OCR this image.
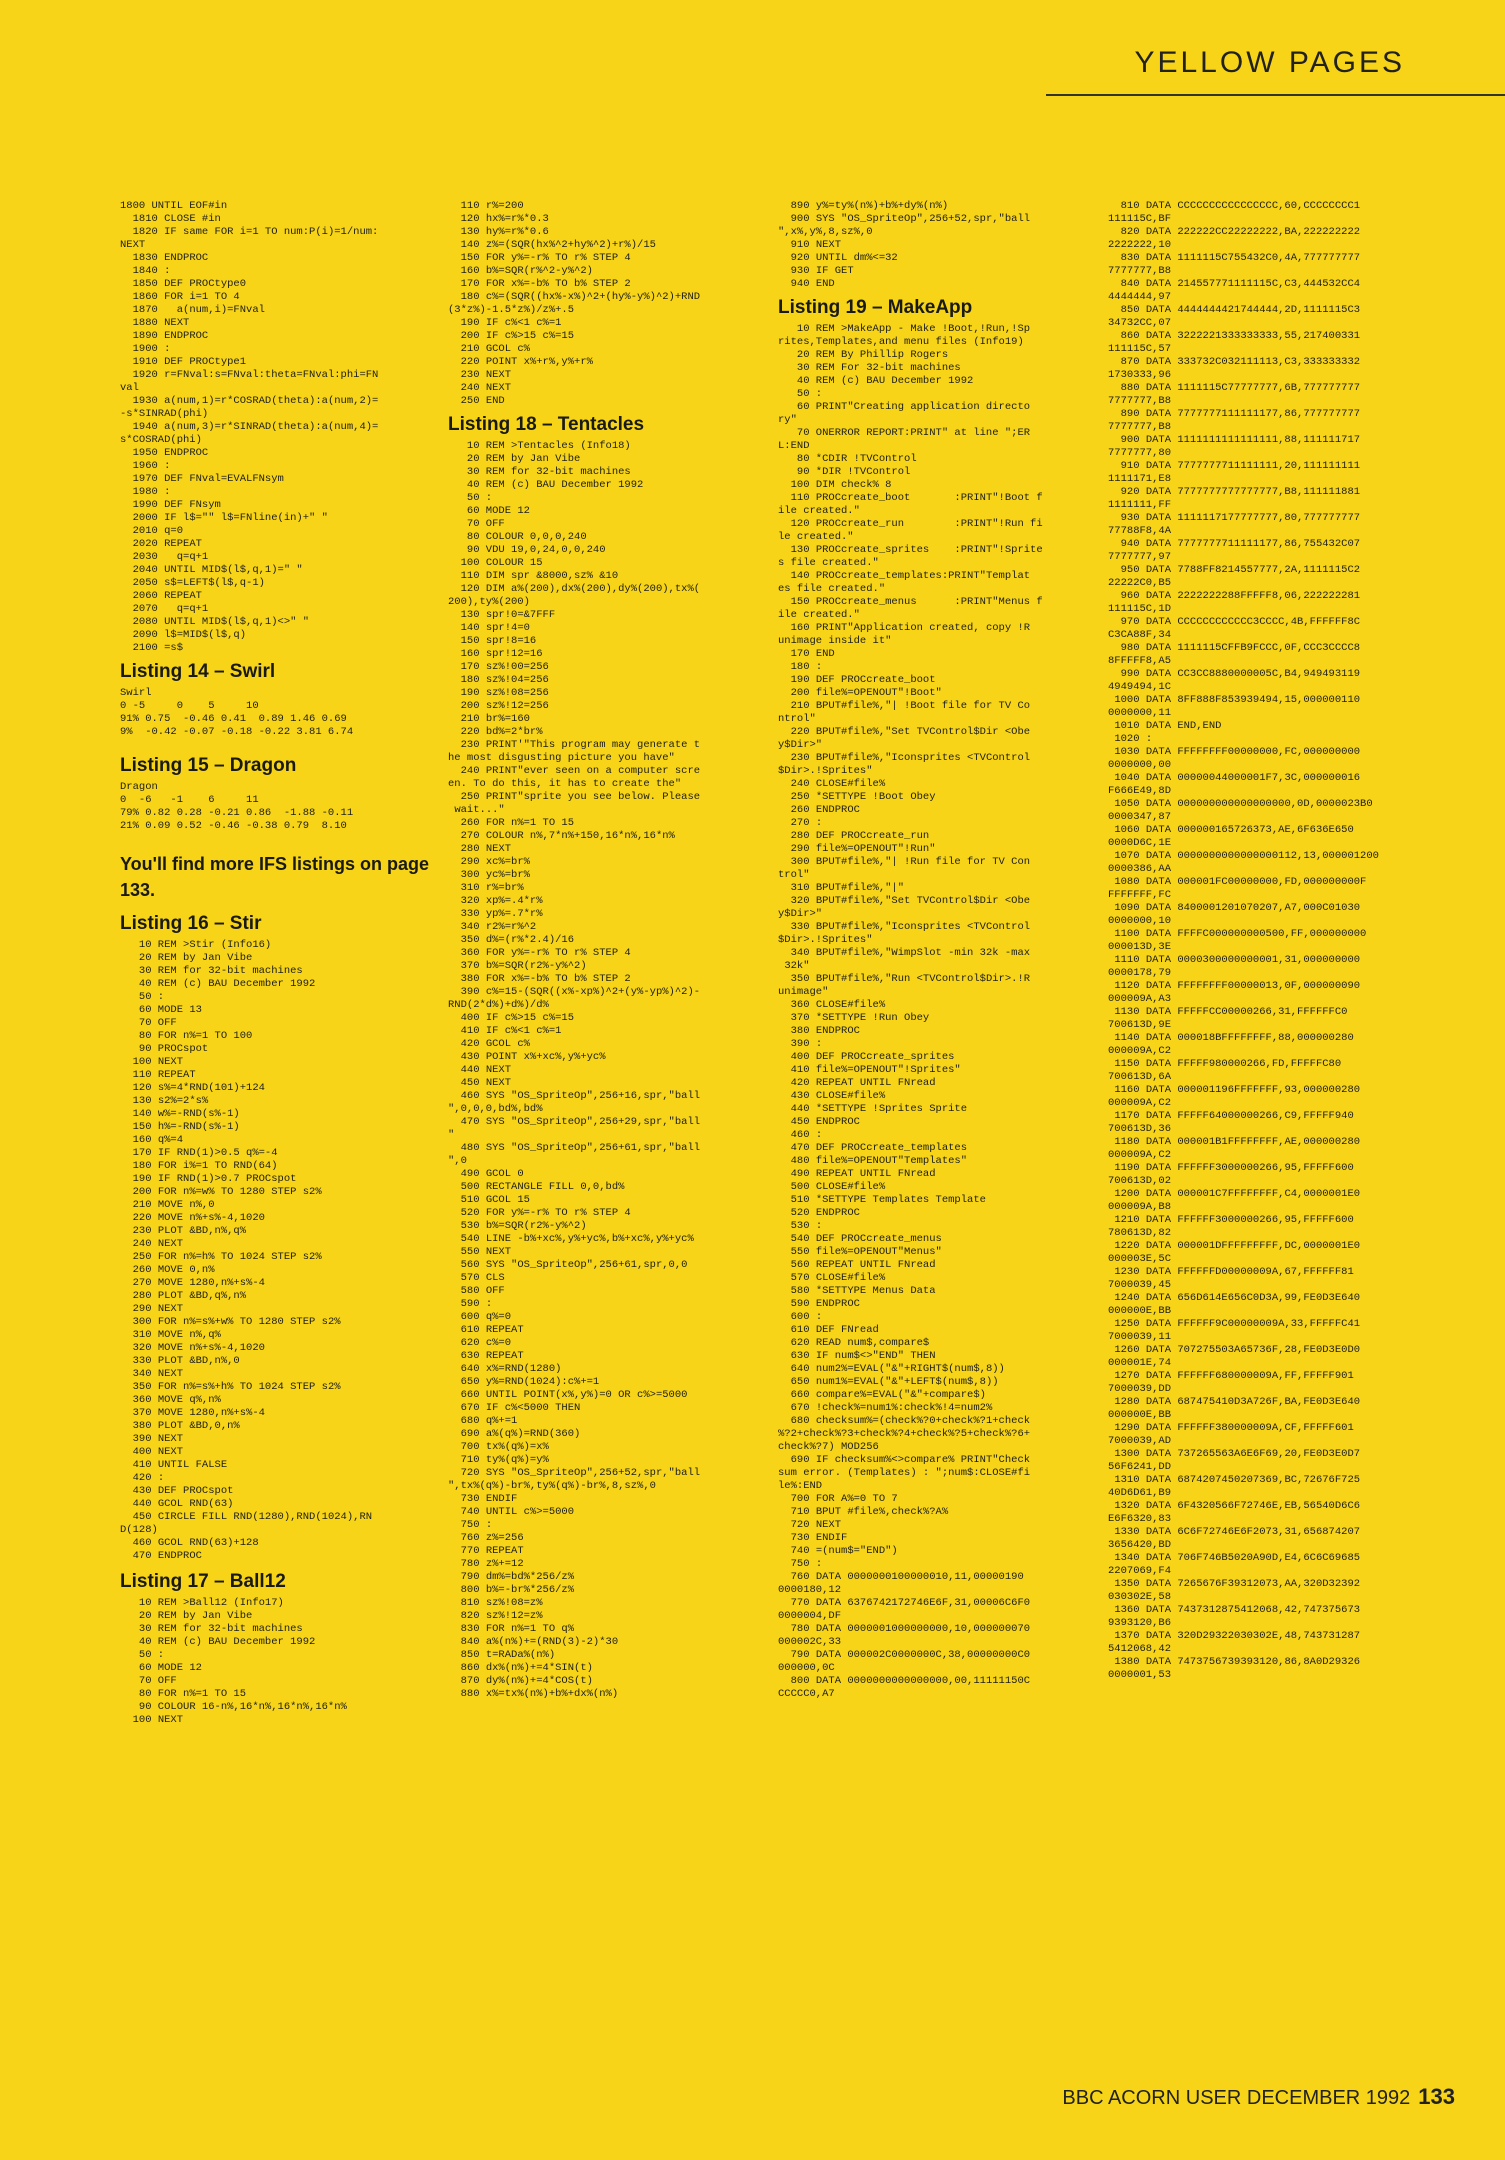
YELLOW PAGES
1800 UNTIL EOF#in
1810 CLOSE #in
1820 IF same FOR i=1 TO num:P(i)=1/num:
NEXT
1830 ENDPROC
1840 :
1850 DEF PROCtype0
1860 FOR i=1 TO 4
1870   a(num,i)=FNval
1880 NEXT
1890 ENDPROC
1900 :
1910 DEF PROCtype1
1920 r=FNval:s=FNval:theta=FNval:phi=FN
val
1930 a(num,1)=r*COSRAD(theta):a(num,2)=
-s*SINRAD(phi)
1940 a(num,3)=r*SINRAD(theta):a(num,4)=
s*COSRAD(phi)
1950 ENDPROC
1960 :
1970 DEF FNval=EVALFNsym
1980 :
1990 DEF FNsym
2000 IF l$="" l$=FNline(in)+" "
2010 q=0
2020 REPEAT
2030   q=q+1
2040 UNTIL MID$(l$,q,1)=" "
2050 s$=LEFT$(l$,q-1)
2060 REPEAT
2070   q=q+1
2080 UNTIL MID$(l$,q,1)<>" "
2090 l$=MID$(l$,q)
2100 =s$
Listing 14 – Swirl
Swirl
0 -5     0    5     10
91% 0.75  -0.46 0.41  0.89 1.46 0.69
9%  -0.42 -0.07 -0.18 -0.22 3.81 6.74
Listing 15 – Dragon
Dragon
0  -6   -1    6     11
79% 0.82 0.28 -0.21 0.86  -1.88 -0.11
21% 0.09 0.52 -0.46 -0.38 0.79  8.10
You'll find more IFS listings on page 133.
Listing 16 – Stir
10 REM >Stir (Info16)
20 REM by Jan Vibe
30 REM for 32-bit machines
40 REM (c) BAU December 1992
50 :
60 MODE 13
70 OFF
80 FOR n%=1 TO 100
90 PROCspot
100 NEXT
110 REPEAT
120 s%=4*RND(101)+124
130 s2%=2*s%
140 w%=-RND(s%-1)
150 h%=-RND(s%-1)
160 q%=4
170 IF RND(1)>0.5 q%=-4
180 FOR i%=1 TO RND(64)
190 IF RND(1)>0.7 PROCspot
200 FOR n%=w% TO 1280 STEP s2%
210 MOVE n%,0
220 MOVE n%+s%-4,1020
230 PLOT &BD,n%,q%
240 NEXT
250 FOR n%=h% TO 1024 STEP s2%
260 MOVE 0,n%
270 MOVE 1280,n%+s%-4
280 PLOT &BD,q%,n%
290 NEXT
300 FOR n%=s%+w% TO 1280 STEP s2%
310 MOVE n%,q%
320 MOVE n%+s%-4,1020
330 PLOT &BD,n%,0
340 NEXT
350 FOR n%=s%+h% TO 1024 STEP s2%
360 MOVE q%,n%
370 MOVE 1280,n%+s%-4
380 PLOT &BD,0,n%
390 NEXT
400 NEXT
410 UNTIL FALSE
420 :
430 DEF PROCspot
440 GCOL RND(63)
450 CIRCLE FILL RND(1280),RND(1024),RN
D(128)
460 GCOL RND(63)+128
470 ENDPROC
Listing 17 – Ball12
10 REM >Ball12 (Info17)
20 REM by Jan Vibe
30 REM for 32-bit machines
40 REM (c) BAU December 1992
50 :
60 MODE 12
70 OFF
80 FOR n%=1 TO 15
90 COLOUR 16-n%,16*n%,16*n%,16*n%
100 NEXT
110 r%=200
120 hx%=r%*0.3
130 hy%=r%*0.6
140 z%=(SQR(hx%^2+hy%^2)+r%)/15
150 FOR y%=-r% TO r% STEP 4
160 b%=SQR(r%^2-y%^2)
170 FOR x%=-b% TO b% STEP 2
180 c%=(SQR((hx%-x%)^2+(hy%-y%)^2)+RND
(3*z%)-1.5*z%)/z%+.5
190 IF c%<1 c%=1
200 IF c%>15 c%=15
210 GCOL c%
220 POINT x%+r%,y%+r%
230 NEXT
240 NEXT
250 END
Listing 18 – Tentacles
10 REM >Tentacles (Info18)
20 REM by Jan Vibe
30 REM for 32-bit machines
40 REM (c) BAU December 1992
50 :
60 MODE 12
70 OFF
80 COLOUR 0,0,0,240
90 VDU 19,0,24,0,0,240
100 COLOUR 15
110 DIM spr &8000,sz% &10
120 DIM a%(200),dx%(200),dy%(200),tx%(
200),ty%(200)
130 spr!0=&7FFF
140 spr!4=0
150 spr!8=16
160 spr!12=16
170 sz%!00=256
180 sz%!04=256
190 sz%!08=256
200 sz%!12=256
210 br%=160
220 bd%=2*br%
230 PRINT'"This program may generate t
he most disgusting picture you have"
240 PRINT"ever seen on a computer scre
en. To do this, it has to create the"
250 PRINT"sprite you see below. Please
wait..."
260 FOR n%=1 TO 15
270 COLOUR n%,7*n%+150,16*n%,16*n%
280 NEXT
290 xc%=br%
300 yc%=br%
310 r%=br%
320 xp%=.4*r%
330 yp%=.7*r%
340 r2%=r%^2
350 d%=(r%*2.4)/16
360 FOR y%=-r% TO r% STEP 4
370 b%=SQR(r2%-y%^2)
380 FOR x%=-b% TO b% STEP 2
390 c%=15-(SQR((x%-xp%)^2+(y%-yp%)^2)-
RND(2*d%)+d%)/d%
400 IF c%>15 c%=15
410 IF c%<1 c%=1
420 GCOL c%
430 POINT x%+xc%,y%+yc%
440 NEXT
450 NEXT
460 SYS "OS_SpriteOp",256+16,spr,"ball
",0,0,0,bd%,bd%
470 SYS "OS_SpriteOp",256+29,spr,"ball
"
480 SYS "OS_SpriteOp",256+61,spr,"ball
",0
490 GCOL 0
500 RECTANGLE FILL 0,0,bd%
510 GCOL 15
520 FOR y%=-r% TO r% STEP 4
530 b%=SQR(r2%-y%^2)
540 LINE -b%+xc%,y%+yc%,b%+xc%,y%+yc%
550 NEXT
560 SYS "OS_SpriteOp",256+61,spr,0,0
570 CLS
580 OFF
590 :
600 q%=0
610 REPEAT
620 c%=0
630 REPEAT
640 x%=RND(1280)
650 y%=RND(1024):c%+=1
660 UNTIL POINT(x%,y%)=0 OR c%>=5000
670 IF c%<5000 THEN
680 q%+=1
690 a%(q%)=RND(360)
700 tx%(q%)=x%
710 ty%(q%)=y%
720 SYS "OS_SpriteOp",256+52,spr,"ball
",tx%(q%)-br%,ty%(q%)-br%,8,sz%,0
730 ENDIF
740 UNTIL c%>=5000
750 :
760 z%=256
770 REPEAT
780 z%+=12
790 dm%=bd%*256/z%
800 b%=-br%*256/z%
810 sz%!08=z%
820 sz%!12=z%
830 FOR n%=1 TO q%
840 a%(n%)+=(RND(3)-2)*30
850 t=RADa%(n%)
860 dx%(n%)+=4*SIN(t)
870 dy%(n%)+=4*COS(t)
880 x%=tx%(n%)+b%+dx%(n%)
890 y%=ty%(n%)+b%+dy%(n%)
900 SYS "OS_SpriteOp",256+52,spr,"ball
",x%,y%,8,sz%,0
910 NEXT
920 UNTIL dm%<=32
930 IF GET
940 END
Listing 19 – MakeApp
10 REM >MakeApp - Make !Boot,!Run,!Sp
rites,Templates,and menu files (Info19)
20 REM By Phillip Rogers
30 REM For 32-bit machines
40 REM (c) BAU December 1992
50 :
60 PRINT"Creating application directo
ry"
70 ONERROR REPORT:PRINT" at line ";ER
L:END
80 *CDIR !TVControl
90 *DIR !TVControl
100 DIM check% 8
110 PROCcreate_boot       :PRINT"!Boot f
ile created."
120 PROCcreate_run        :PRINT"!Run fi
le created."
130 PROCcreate_sprites    :PRINT"!Sprite
s file created."
140 PROCcreate_templates:PRINT"Templat
es file created."
150 PROCcreate_menus      :PRINT"Menus f
ile created."
160 PRINT"Application created, copy !R
unimage inside it"
170 END
180 :
190 DEF PROCcreate_boot
200 file%=OPENOUT"!Boot"
210 BPUT#file%,"| !Boot file for TV Co
ntrol"
220 BPUT#file%,"Set TVControl$Dir <Obe
y$Dir>"
230 BPUT#file%,"Iconsprites <TVControl
$Dir>.!Sprites"
240 CLOSE#file%
250 *SETTYPE !Boot Obey
260 ENDPROC
270 :
280 DEF PROCcreate_run
290 file%=OPENOUT"!Run"
300 BPUT#file%,"| !Run file for TV Con
trol"
310 BPUT#file%,"|"
320 BPUT#file%,"Set TVControl$Dir <Obe
y$Dir>"
330 BPUT#file%,"Iconsprites <TVControl
$Dir>.!Sprites"
340 BPUT#file%,"WimpSlot -min 32k -max
32k"
350 BPUT#file%,"Run <TVControl$Dir>.!R
unimage"
360 CLOSE#file%
370 *SETTYPE !Run Obey
380 ENDPROC
390 :
400 DEF PROCcreate_sprites
410 file%=OPENOUT"!Sprites"
420 REPEAT UNTIL FNread
430 CLOSE#file%
440 *SETTYPE !Sprites Sprite
450 ENDPROC
460 :
470 DEF PROCcreate_templates
480 file%=OPENOUT"Templates"
490 REPEAT UNTIL FNread
500 CLOSE#file%
510 *SETTYPE Templates Template
520 ENDPROC
530 :
540 DEF PROCcreate_menus
550 file%=OPENOUT"Menus"
560 REPEAT UNTIL FNread
570 CLOSE#file%
580 *SETTYPE Menus Data
590 ENDPROC
600 :
610 DEF FNread
620 READ num$,compare$
630 IF num$<>"END" THEN
640 num2%=EVAL("&"+RIGHT$(num$,8))
650 num1%=EVAL("&"+LEFT$(num$,8))
660 compare%=EVAL("&"+compare$)
670 !check%=num1%:check%!4=num2%
680 checksum%=(check%?0+check%?1+check
%?2+check%?3+check%?4+check%?5+check%?6+
check%?7) MOD256
690 IF checksum%<>compare% PRINT"Check
sum error. (Templates) : ";num$:CLOSE#fi
le%:END
700 FOR A%=0 TO 7
710 BPUT #file%,check%?A%
720 NEXT
730 ENDIF
740 =(num$="END")
750 :
760 DATA 0000000100000010,11,00000190
0000180,12
770 DATA 6376742172746E6F,31,00006C6F0
0000004,DF
780 DATA 0000001000000000,10,000000070
000002C,33
790 DATA 000002C0000000C,38,00000000C0
000000,0C
800 DATA 0000000000000000,00,11111150C
CCCCC0,A7
810 DATA CCCCCCCCCCCCCCCC,60,CCCCCCCC1
111115C,BF
820 DATA 222222CC22222222,BA,222222222
2222222,10
830 DATA 1111115C755432C0,4A,777777777
7777777,B8
840 DATA 214557771111115C,C3,444532CC4
4444444,97
850 DATA 4444444421744444,2D,1111115C3
34732CC,07
860 DATA 3222221333333333,55,217400331
111115C,57
870 DATA 333732C032111113,C3,333333332
1730333,96
880 DATA 1111115C77777777,6B,777777777
7777777,B8
890 DATA 7777777111111177,86,777777777
7777777,B8
900 DATA 1111111111111111,88,111111717
7777777,80
910 DATA 7777777711111111,20,111111111
1111171,E8
920 DATA 7777777777777777,B8,111111881
1111111,FF
930 DATA 1111117177777777,80,777777777
77788F8,4A
940 DATA 7777777711111177,86,755432C07
7777777,97
950 DATA 7788FF8214557777,2A,1111115C2
22222C0,B5
960 DATA 2222222288FFFFF8,06,222222281
111115C,1D
970 DATA CCCCCCCCCCCC3CCCC,4B,FFFFFF8C
C3CA88F,34
980 DATA 1111115CFFB9FCCC,0F,CCC3CCCC8
8FFFFF8,A5
990 DATA CC3CC8880000005C,B4,949493119
4949494,1C
1000 DATA 8FF888F853939494,15,000000110
0000000,11
1010 DATA END,END
1020 :
1030 DATA FFFFFFFF00000000,FC,000000000
0000000,00
1040 DATA 00000044000001F7,3C,000000016
F666E49,8D
1050 DATA 000000000000000000,0D,0000023B0
0000347,87
1060 DATA 000000165726373,AE,6F636E650
0000D6C,1E
1070 DATA 0000000000000000112,13,000001200
0000386,AA
1080 DATA 000001FC00000000,FD,000000000F
FFFFFFF,FC
1090 DATA 8400001201070207,A7,000C01030
0000000,10
1100 DATA FFFFC000000000500,FF,000000000
000013D,3E
1110 DATA 0000300000000001,31,000000000
0000178,79
1120 DATA FFFFFFFF00000013,0F,000000090
000009A,A3
1130 DATA FFFFFCC00000266,31,FFFFFFC0
700613D,9E
1140 DATA 000018BFFFFFFFF,88,000000280
000009A,C2
1150 DATA FFFFF980000266,FD,FFFFFC80
700613D,6A
1160 DATA 000001196FFFFFFF,93,000000280
000009A,C2
1170 DATA FFFFF64000000266,C9,FFFFF940
700613D,36
1180 DATA 000001B1FFFFFFFF,AE,000000280
000009A,C2
1190 DATA FFFFFF3000000266,95,FFFFF600
700613D,02
1200 DATA 000001C7FFFFFFFF,C4,0000001E0
000009A,B8
1210 DATA FFFFFF3000000266,95,FFFFF600
780613D,82
1220 DATA 000001DFFFFFFFFF,DC,0000001E0
000003E,5C
1230 DATA FFFFFFD00000009A,67,FFFFFF81
7000039,45
1240 DATA 656D614E656C0D3A,99,FE0D3E640
000000E,BB
1250 DATA FFFFFF9C00000009A,33,FFFFFC41
7000039,11
1260 DATA 707275503A65736F,28,FE0D3E0D0
000001E,74
1270 DATA FFFFFF680000009A,FF,FFFFF901
7000039,DD
1280 DATA 687475410D3A726F,BA,FE0D3E640
000000E,BB
1290 DATA FFFFFF380000009A,CF,FFFFF601
7000039,AD
1300 DATA 737265563A6E6F69,20,FE0D3E0D7
56F6241,DD
1310 DATA 6874207450207369,BC,72676F725
40D6D61,B9
1320 DATA 6F4320566F72746E,EB,56540D6C6
E6F6320,83
1330 DATA 6C6F72746E6F2073,31,656874207
3656420,BD
1340 DATA 706F746B5020A90D,E4,6C6C69685
2207069,F4
1350 DATA 7265676F39312073,AA,320D32392
030302E,58
1360 DATA 7437312875412068,42,747375673
9393120,B6
1370 DATA 320D29322030302E,48,743731287
5412068,42
1380 DATA 7473756739393120,86,8A0D29326
0000001,53
BBC ACORN USER DECEMBER 1992 133
